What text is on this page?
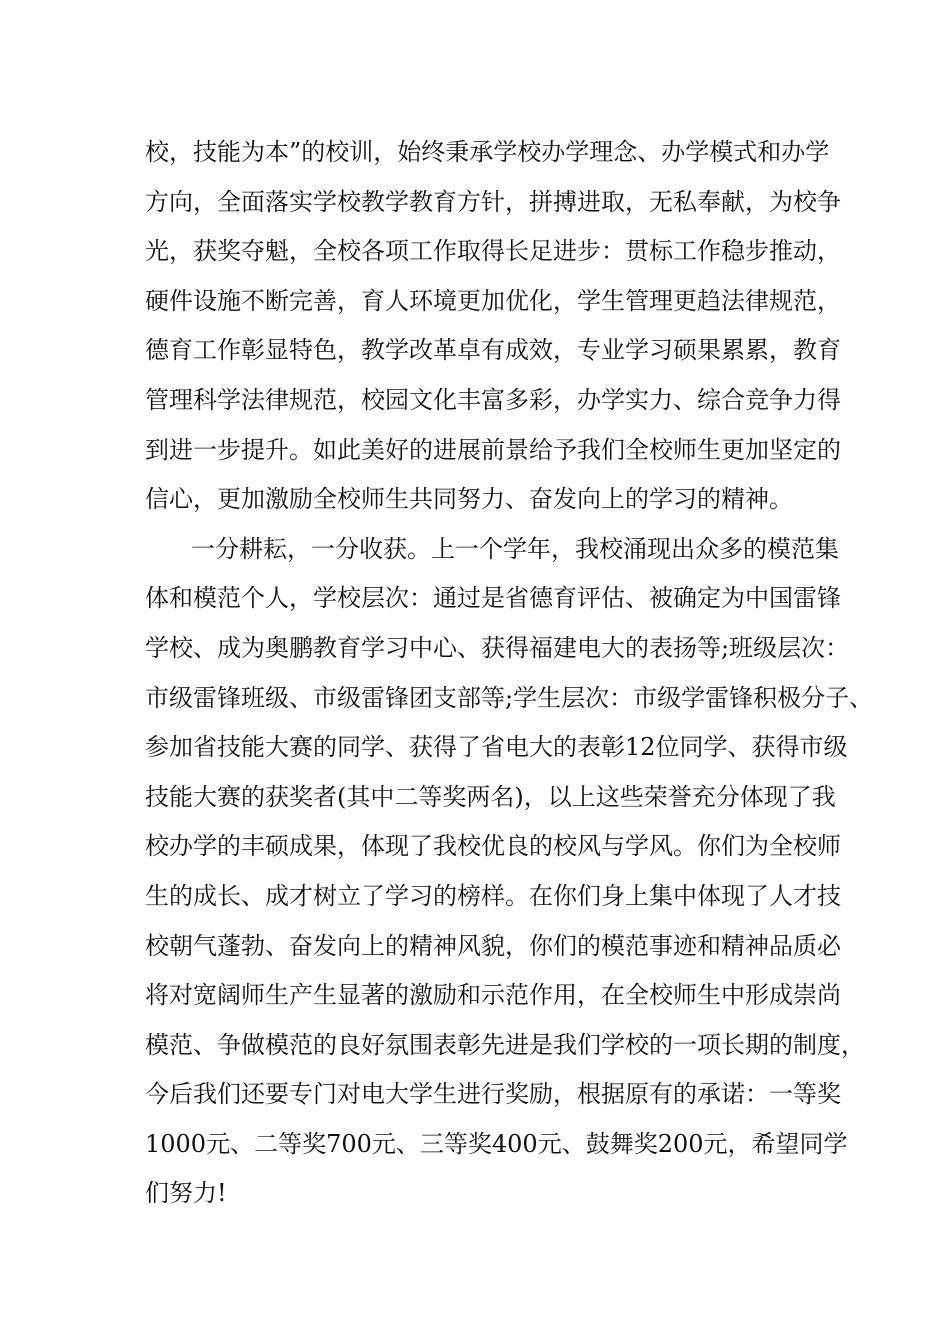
校，技能为本”的校训，始终秉承学校办学理念、办学模式和办学
方向，全面落实学校教学教育方针，拼搏进取，无私奉献，为校争
光，获奖夺魁，全校各项工作取得长足进步：贯标工作稳步推动，
硬件设施不断完善，育人环境更加优化，学生管理更趋法律规范，
德育工作彰显特色，教学改革卓有成效，专业学习硕果累累，教育
管理科学法律规范，校园文化丰富多彩，办学实力、综合竞争力得
到进一步提升。如此美好的进展前景给予我们全校师生更加坚定的
信心，更加激励全校师生共同努力、奋发向上的学习的精神。
一分耕耘，一分收获。上一个学年，我校涌现出众多的模范集
体和模范个人，学校层次：通过是省德育评估、被确定为中国雷锋
学校、成为奥鹏教育学习中心、获得福建电大的表扬等;班级层次：
市级雷锋班级、市级雷锋团支部等;学生层次：市级学雷锋积极分子、
参加省技能大赛的同学、获得了省电大的表彰12位同学、获得市级
技能大赛的获奖者(其中二等奖两名)，以上这些荣誉充分体现了我
校办学的丰硕成果，体现了我校优良的校风与学风。你们为全校师
生的成长、成才树立了学习的榜样。在你们身上集中体现了人才技
校朝气蓬勃、奋发向上的精神风貌，你们的模范事迹和精神品质必
将对宽阔师生产生显著的激励和示范作用，在全校师生中形成崇尚
模范、争做模范的良好氛围表彰先进是我们学校的一项长期的制度，
今后我们还要专门对电大学生进行奖励，根据原有的承诺：一等奖
1000元、二等奖700元、三等奖400元、鼓舞奖200元，希望同学
们努力!
